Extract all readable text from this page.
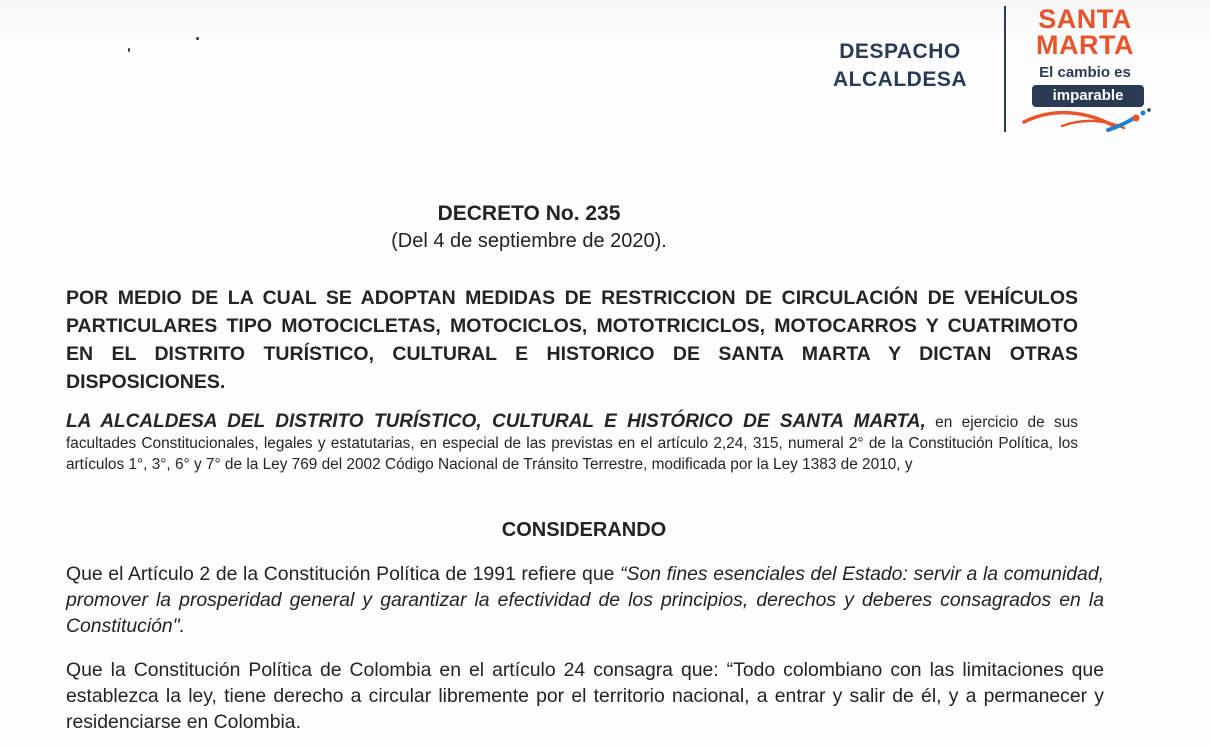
DESPACHO
ALCALDESA
SANTA
MARTA
El cambio es
imparable
DECRETO No. 235
(Del 4 de septiembre de 2020).
POR MEDIO DE LA CUAL SE ADOPTAN MEDIDAS DE RESTRICCION DE CIRCULACIÓN DE VEHÍCULOS PARTICULARES TIPO MOTOCICLETAS, MOTOCICLOS, MOTOTRICICLOS, MOTOCARROS Y CUATRIMOTO EN EL DISTRITO TURÍSTICO, CULTURAL E HISTORICO DE SANTA MARTA Y DICTAN OTRAS DISPOSICIONES.
LA ALCALDESA DEL DISTRITO TURÍSTICO, CULTURAL E HISTÓRICO DE SANTA MARTA, en ejercicio de sus facultades Constitucionales, legales y estatutarias, en especial de las previstas en el artículo 2,24, 315, numeral 2° de la Constitución Política, los artículos 1°, 3°, 6° y 7° de la Ley 769 del 2002 Código Nacional de Tránsito Terrestre, modificada por la Ley 1383 de 2010, y
CONSIDERANDO
Que el Artículo 2 de la Constitución Política de 1991 refiere que “Son fines esenciales del Estado: servir a la comunidad, promover la prosperidad general y garantizar la efectividad de los principios, derechos y deberes consagrados en la Constitución".
Que la Constitución Política de Colombia en el artículo 24 consagra que: “Todo colombiano con las limitaciones que establezca la ley, tiene derecho a circular libremente por el territorio nacional, a entrar y salir de él, y a permanecer y residenciarse en Colombia.
